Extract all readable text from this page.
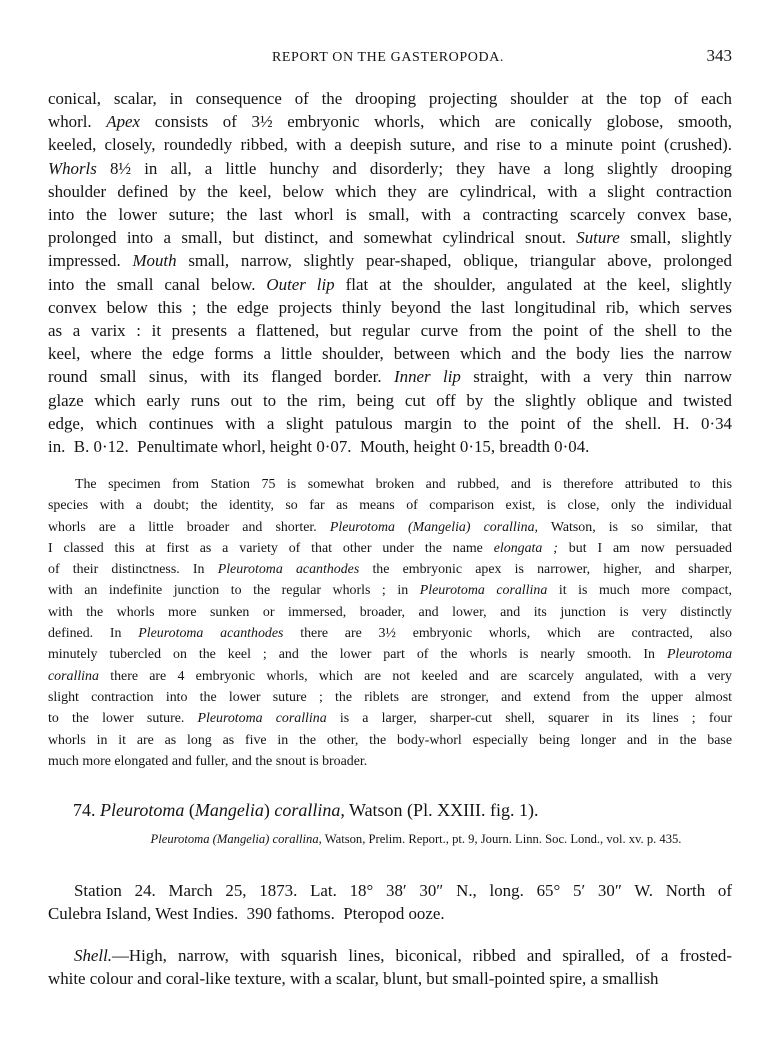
REPORT ON THE GASTEROPODA.	343
conical, scalar, in consequence of the drooping projecting shoulder at the top of each
whorl. Apex consists of 3½ embryonic whorls, which are conically globose, smooth,
keeled, closely, roundedly ribbed, with a deepish suture, and rise to a minute point (crushed).
Whorls 8½ in all, a little hunchy and disorderly; they have a long slightly drooping
shoulder defined by the keel, below which they are cylindrical, with a slight contraction
into the lower suture; the last whorl is small, with a contracting scarcely convex base,
prolonged into a small, but distinct, and somewhat cylindrical snout. Suture small, slightly
impressed. Mouth small, narrow, slightly pear-shaped, oblique, triangular above, prolonged
into the small canal below. Outer lip flat at the shoulder, angulated at the keel, slightly
convex below this ; the edge projects thinly beyond the last longitudinal rib, which serves
as a varix : it presents a flattened, but regular curve from the point of the shell to the
keel, where the edge forms a little shoulder, between which and the body lies the narrow
round small sinus, with its flanged border. Inner lip straight, with a very thin narrow
glaze which early runs out to the rim, being cut off by the slightly oblique and twisted
edge, which continues with a slight patulous margin to the point of the shell. H. 0·34
in.  B. 0·12.  Penultimate whorl, height 0·07.  Mouth, height 0·15, breadth 0·04.
The specimen from Station 75 is somewhat broken and rubbed, and is therefore attributed to this
species with a doubt; the identity, so far as means of comparison exist, is close, only the individual
whorls are a little broader and shorter. Pleurotoma (Mangelia) corallina, Watson, is so similar, that
I classed this at first as a variety of that other under the name elongata ; but I am now persuaded
of their distinctness. In Pleurotoma acanthodes the embryonic apex is narrower, higher, and sharper,
with an indefinite junction to the regular whorls ; in Pleurotoma corallina it is much more compact,
with the whorls more sunken or immersed, broader, and lower, and its junction is very distinctly
defined. In Pleurotoma acanthodes there are 3½ embryonic whorls, which are contracted, also
minutely tubercled on the keel ; and the lower part of the whorls is nearly smooth. In Pleurotoma
corallina there are 4 embryonic whorls, which are not keeled and are scarcely angulated, with a very
slight contraction into the lower suture ; the riblets are stronger, and extend from the upper almost
to the lower suture. Pleurotoma corallina is a larger, sharper-cut shell, squarer in its lines ; four
whorls in it are as long as five in the other, the body-whorl especially being longer and in the base
much more elongated and fuller, and the snout is broader.
74. Pleurotoma (Mangelia) corallina, Watson (Pl. XXIII. fig. 1).
Pleurotoma (Mangelia) corallina, Watson, Prelim. Report., pt. 9, Journ. Linn. Soc. Lond., vol. xv. p. 435.
Station 24. March 25, 1873. Lat. 18° 38′ 30″ N., long. 65° 5′ 30″ W. North of
Culebra Island, West Indies.  390 fathoms.  Pteropod ooze.
Shell.—High, narrow, with squarish lines, biconical, ribbed and spiralled, of a frosted-
white colour and coral-like texture, with a scalar, blunt, but small-pointed spire, a smallish
